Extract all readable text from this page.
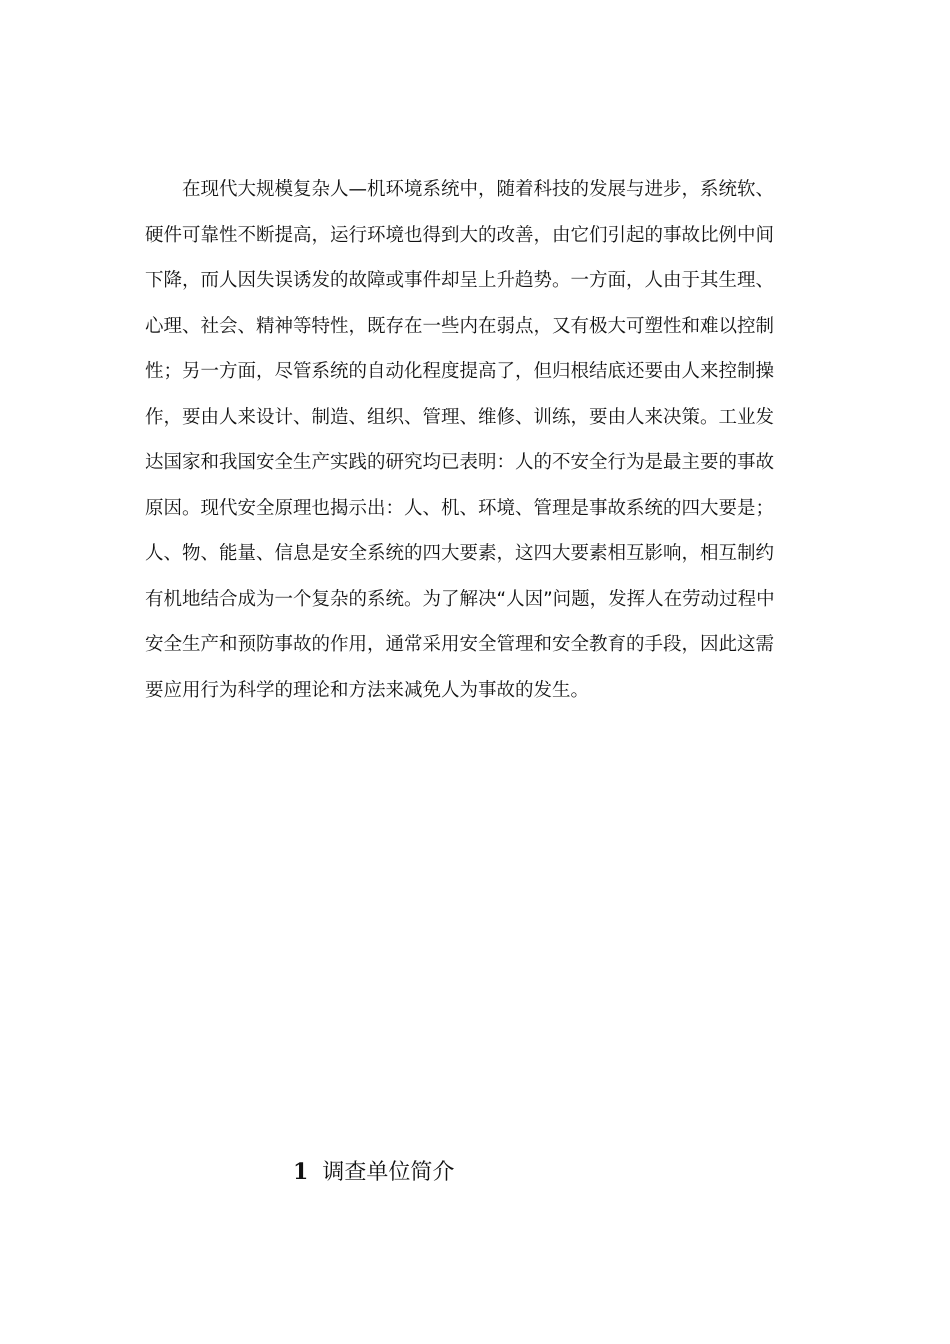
在现代大规模复杂人—机环境系统中，随着科技的发展与进步，系统软、
硬件可靠性不断提高，运行环境也得到大的改善，由它们引起的事故比例中间
下降，而人因失误诱发的故障或事件却呈上升趋势。一方面，人由于其生理、
心理、社会、精神等特性，既存在一些内在弱点，又有极大可塑性和难以控制
性；另一方面，尽管系统的自动化程度提高了，但归根结底还要由人来控制操
作，要由人来设计、制造、组织、管理、维修、训练，要由人来决策。工业发
达国家和我国安全生产实践的研究均已表明：人的不安全行为是最主要的事故
原因。现代安全原理也揭示出：人、机、环境、管理是事故系统的四大要是；
人、物、能量、信息是安全系统的四大要素，这四大要素相互影响，相互制约
有机地结合成为一个复杂的系统。为了解决“人因”问题，发挥人在劳动过程中
安全生产和预防事故的作用，通常采用安全管理和安全教育的手段，因此这需
要应用行为科学的理论和方法来减免人为事故的发生。
1 调查单位简介
